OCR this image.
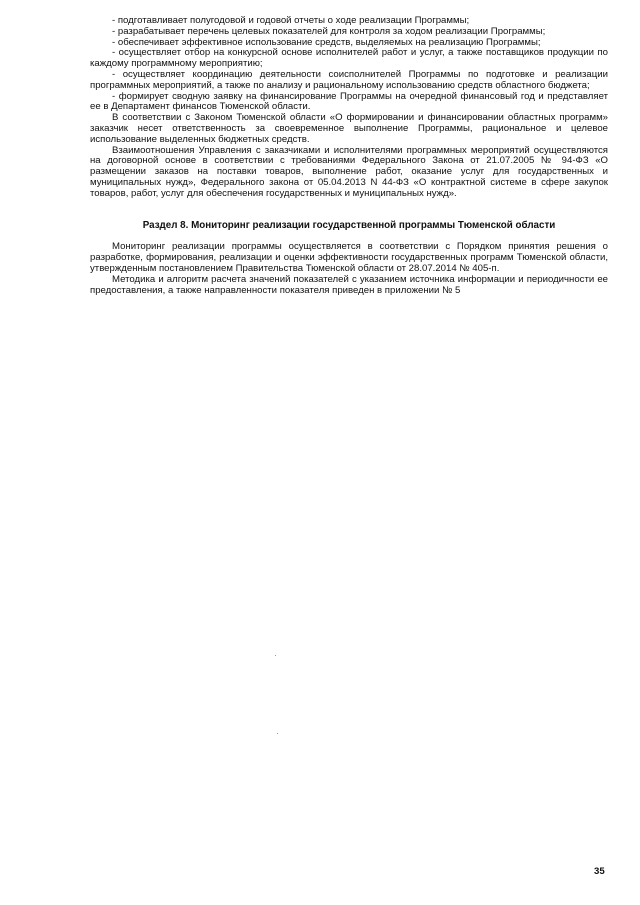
- подготавливает полугодовой и годовой отчеты о ходе реализации Программы;

- разрабатывает перечень целевых показателей для контроля за ходом реализации Программы;

- обеспечивает эффективное использование средств, выделяемых на реализацию Программы;

- осуществляет отбор на конкурсной основе исполнителей работ и услуг, а также поставщиков продукции по каждому программному мероприятию;

- осуществляет координацию деятельности соисполнителей Программы по подготовке и реализации программных мероприятий, а также по анализу и рациональному использованию средств областного бюджета;

- формирует сводную заявку на финансирование Программы на очередной финансовый год и представляет ее в Департамент финансов Тюменской области.

В соответствии с Законом Тюменской области «О формировании и финансировании областных программ» заказчик несет ответственность за своевременное выполнение Программы, рациональное и целевое использование выделенных бюджетных средств.

Взаимоотношения Управления с заказчиками и исполнителями программных мероприятий осуществляются на договорной основе в соответствии с требованиями Федерального Закона от 21.07.2005 № 94-ФЗ «О размещении заказов на поставки товаров, выполнение работ, оказание услуг для государственных и муниципальных нужд», Федерального закона от 05.04.2013 N 44-ФЗ «О контрактной системе в сфере закупок товаров, работ, услуг для обеспечения государственных и муниципальных нужд».

Раздел 8. Мониторинг реализации государственной программы Тюменской области

Мониторинг реализации программы осуществляется в соответствии с Порядком принятия решения о разработке, формирования, реализации и оценки эффективности государственных программ Тюменской области, утвержденным постановлением Правительства Тюменской области от 28.07.2014 № 405-п.

Методика и алгоритм расчета значений показателей с указанием источника информации и периодичности ее предоставления, а также направленности показателя приведен в приложении № 5

35
